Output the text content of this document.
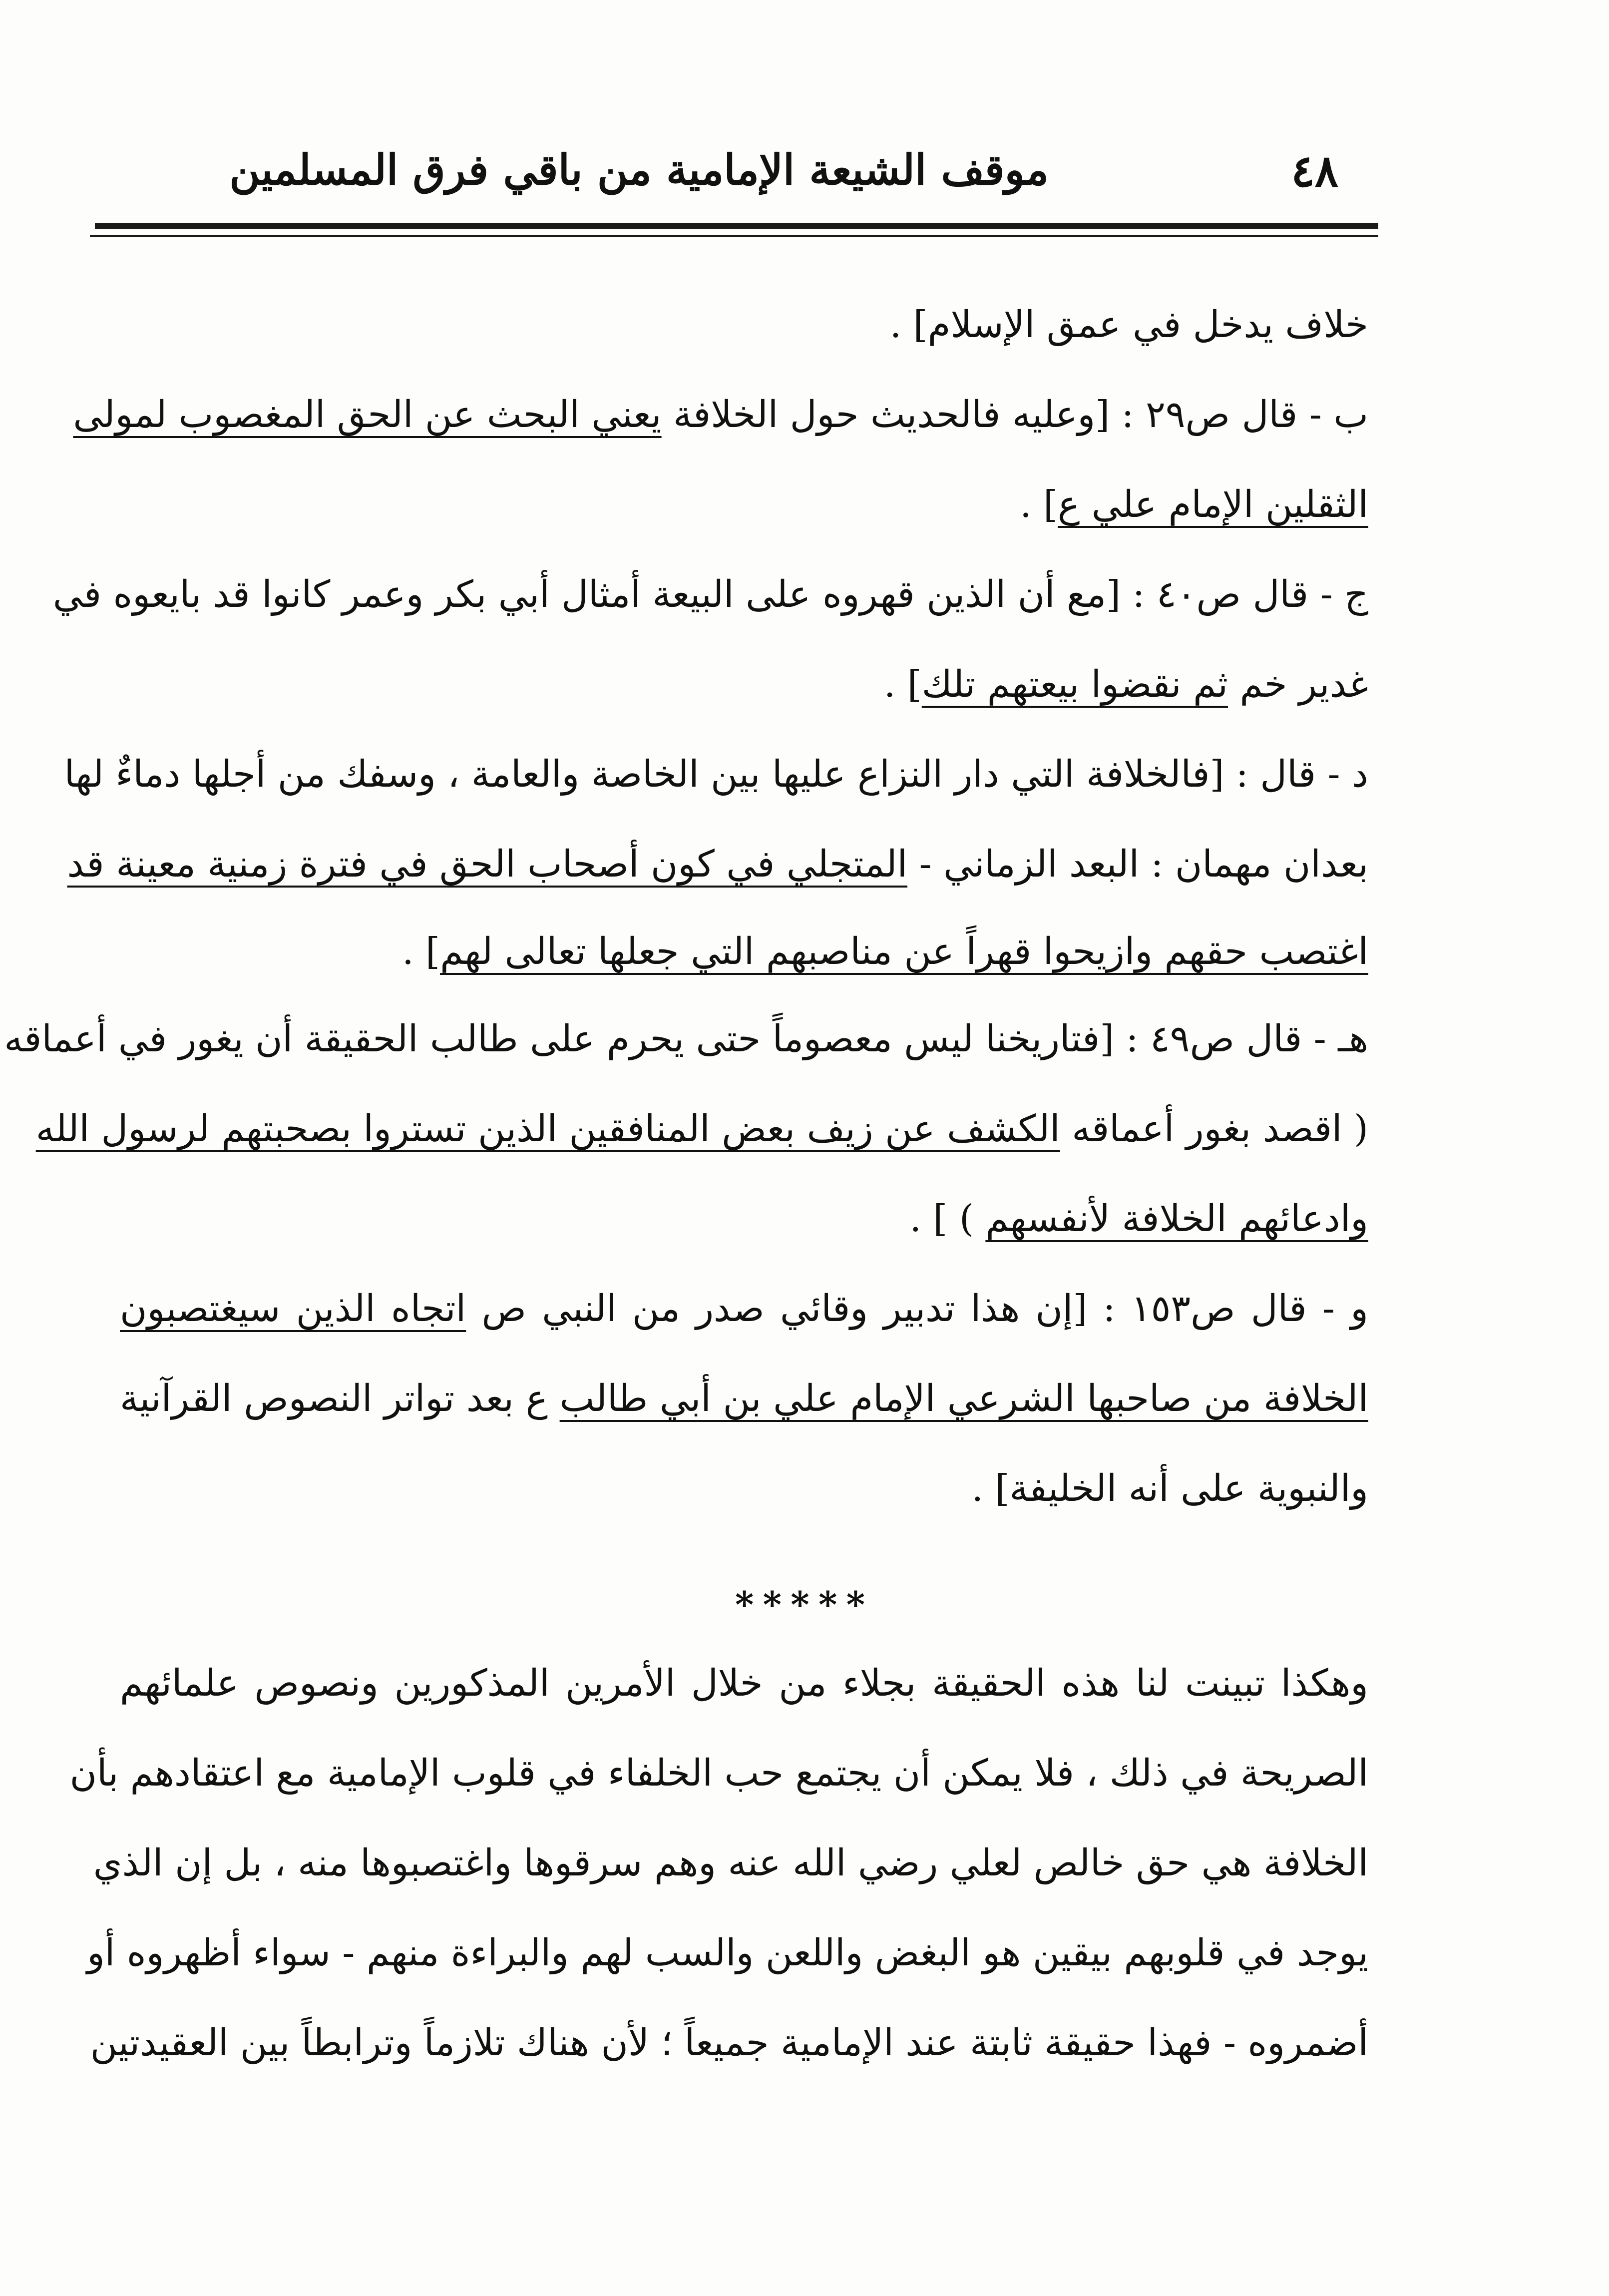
موقف الشيعة الإمامية من باقي فرق المسلمين	٤٨
خلاف يدخل في عمق الإسلام] .
ب - قال ص٢٩ : [وعليه فالحديث حول الخلافة يعني البحث عن الحق المغصوب لمولى
الثقلين الإمام علي ع] .
ج - قال ص٤٠ : [مع أن الذين قهروه على البيعة أمثال أبي بكر وعمر كانوا قد بايعوه في
غدير خم ثم نقضوا بيعتهم تلك] .
د - قال : [فالخلافة التي دار النزاع عليها بين الخاصة والعامة ، وسفك من أجلها دماءٌ لها
بعدان مهمان : البعد الزماني - المتجلي في كون أصحاب الحق في فترة زمنية معينة قد
اغتصب حقهم وازيحوا قهراً عن مناصبهم التي جعلها تعالى لهم] .
هـ - قال ص٤٩ : [فتاريخنا ليس معصوماً حتى يحرم على طالب الحقيقة أن يغور في أعماقه
( اقصد بغور أعماقه الكشف عن زيف بعض المنافقين الذين تستروا بصحبتهم لرسول الله
وادعائهم الخلافة لأنفسهم ) ] .
و - قال ص١٥٣ : [إن هذا تدبير وقائي صدر من النبي ص اتجاه الذين سيغتصبون
الخلافة من صاحبها الشرعي الإمام علي بن أبي طالب ع بعد تواتر النصوص القرآنية
والنبوية على أنه الخليفة] .
*****
وهكذا تبينت لنا هذه الحقيقة بجلاء من خلال الأمرين المذكورين ونصوص علمائهم
الصريحة في ذلك ، فلا يمكن أن يجتمع حب الخلفاء في قلوب الإمامية مع اعتقادهم بأن
الخلافة هي حق خالص لعلي رضي الله عنه وهم سرقوها واغتصبوها منه ، بل إن الذي
يوجد في قلوبهم بيقين هو البغض واللعن والسب لهم والبراءة منهم - سواء أظهروه أو
أضمروه - فهذا حقيقة ثابتة عند الإمامية جميعاً ؛ لأن هناك تلازماً وترابطاً بين العقيدتين
